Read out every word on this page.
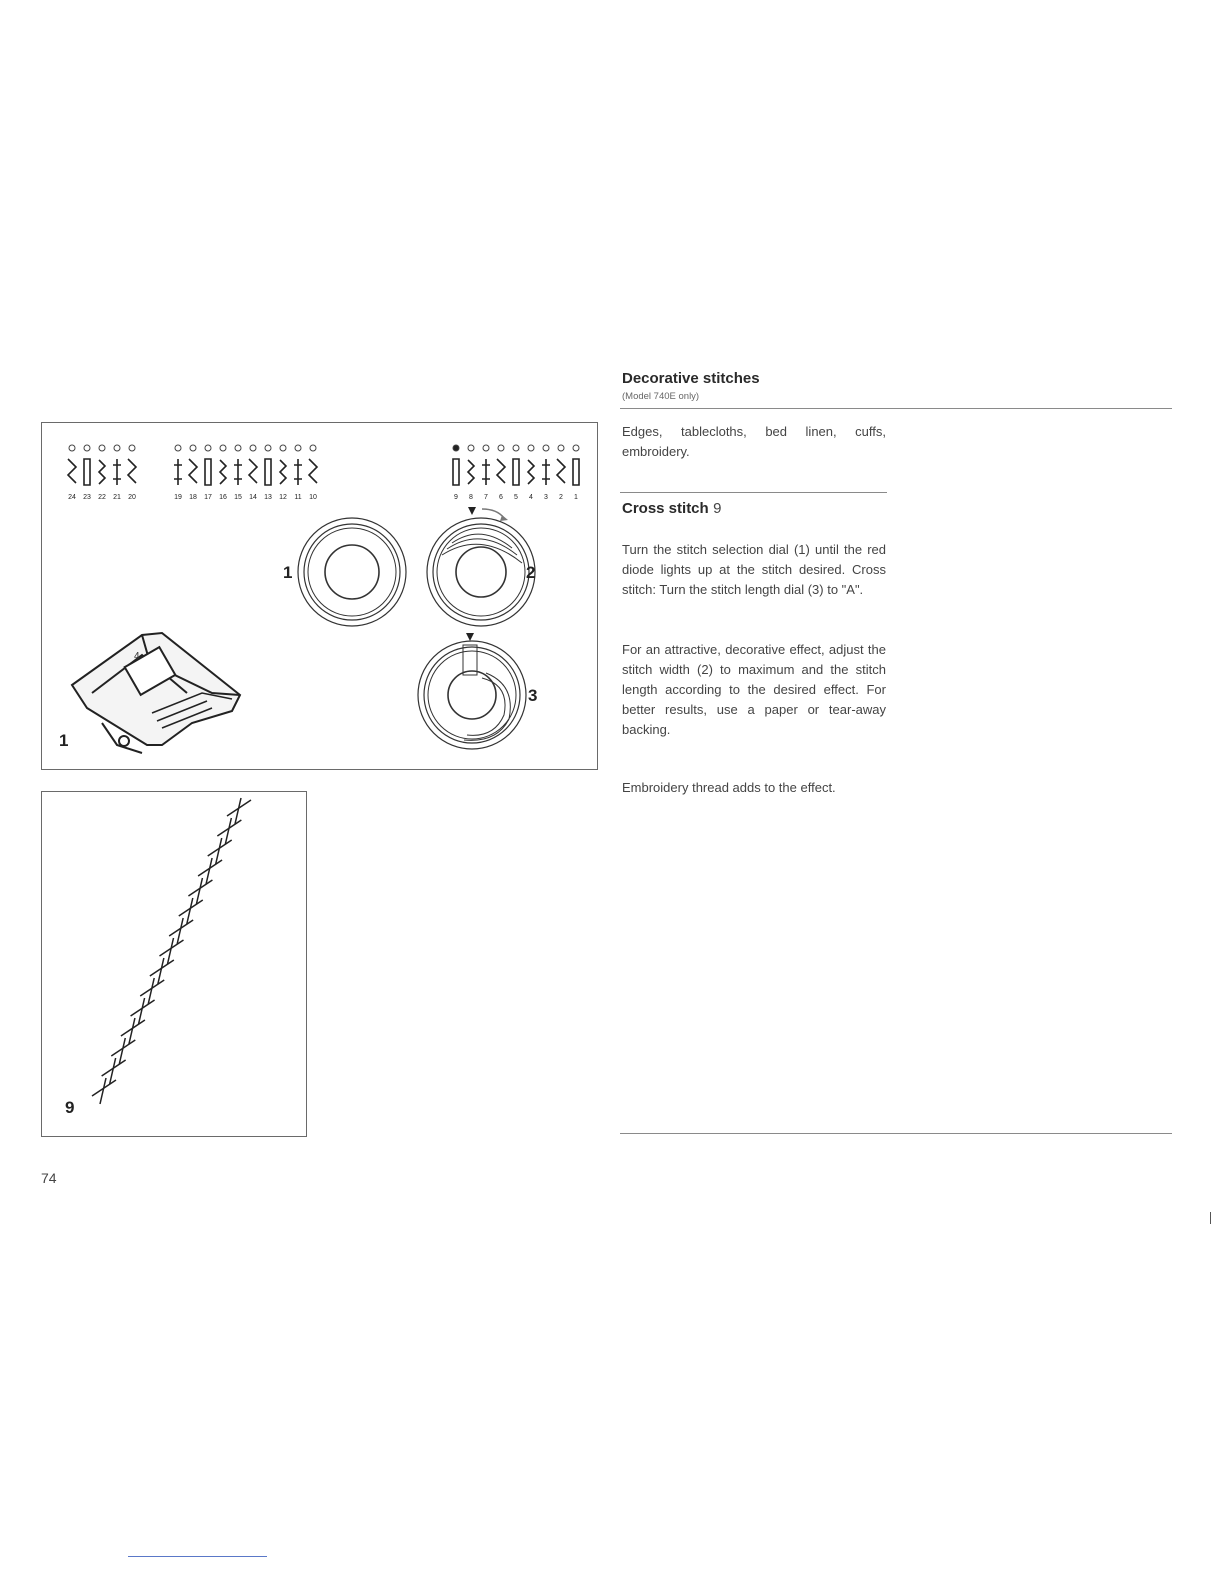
24 23 22 21 20	19 18 17 16 15 14 13 12 11 10	9 8 7 6 5 4 3 2 1
1	2
3
1
4
9
Decorative stitches
(Model 740E only)
Edges, tablecloths, bed linen, cuffs, embroidery.
Cross stitch 9
Turn the stitch selection dial (1) until the red diode lights up at the stitch desired. Cross stitch: Turn the stitch length dial (3) to "A".
For an attractive, decorative effect, adjust the stitch width (2) to maximum and the stitch length according to the desired effect. For better results, use a paper or tear-away backing.
Embroidery thread adds to the effect.
74
